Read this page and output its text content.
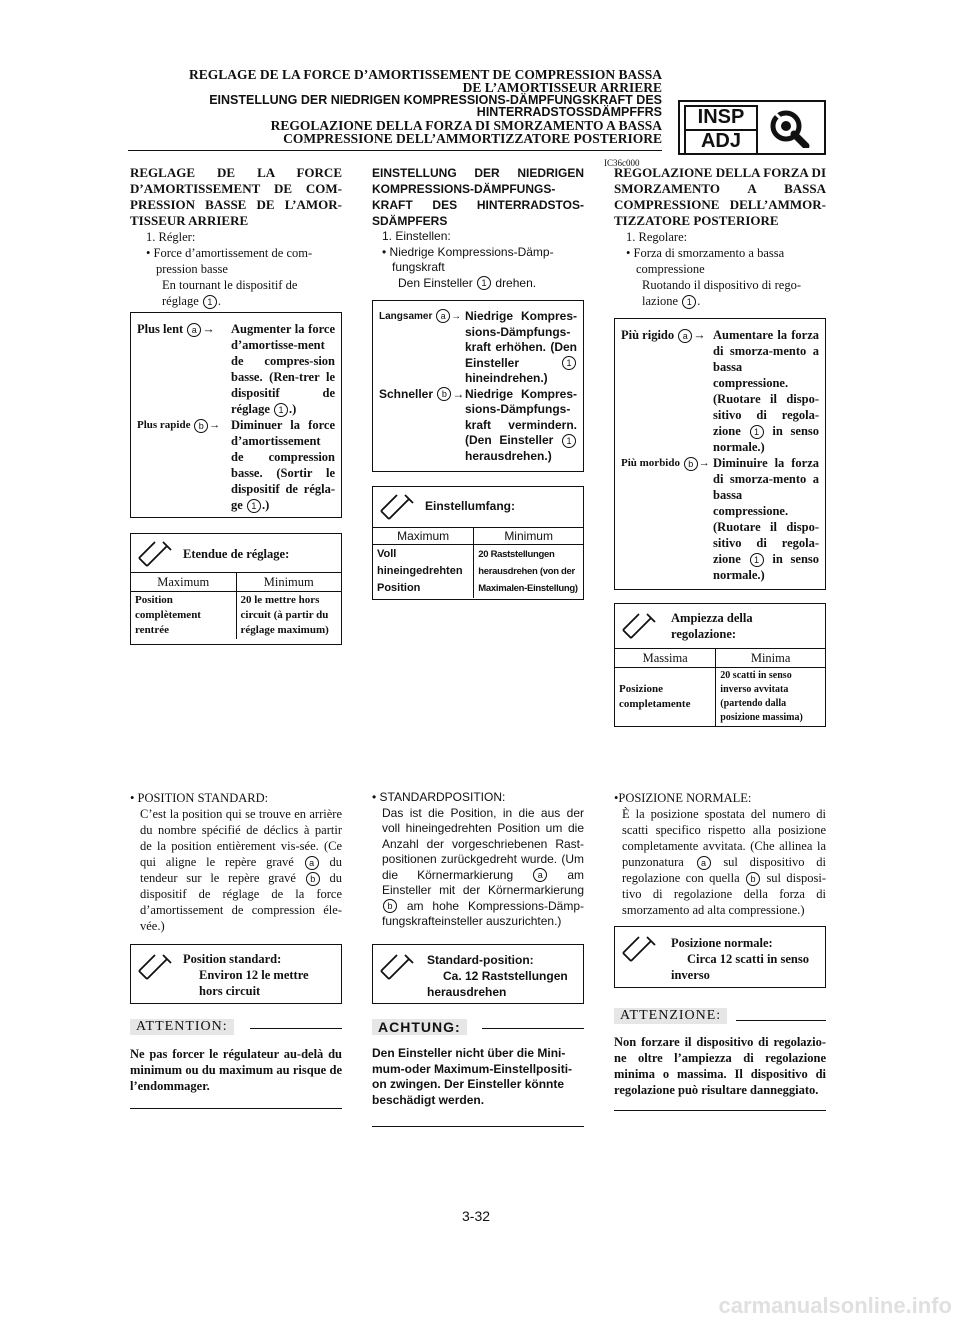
REGLAGE DE LA FORCE D’AMORTISSEMENT DE COMPRESSION BASSA
DE L’AMORTISSEUR ARRIERE
EINSTELLUNG DER NIEDRIGEN KOMPRESSIONS-DÄMPFUNGSKRAFT DES
HINTERRADSTOSSDÄMPFFRS
REGOLAZIONE DELLA FORZA DI SMORZAMENTO A BASSA
COMPRESSIONE DELL’AMMORTIZZATORE POSTERIORE
INSP
ADJ
IC36c000
REGLAGE DE LA FORCE D’AMORTISSEMENT DE COM-PRESSION BASSE DE L’AMOR-TISSEUR ARRIERE
1. Régler:
• Force d’amortissement de com-pression basse
En tournant le dispositif de
réglage 1 .
Plus lent a →	Augmenter la force d’amortisse-ment de compres-sion basse. (Ren-trer le dispositif de réglage 1 .)
Plus rapide b → Diminuer la force d’amortissement de compression basse. (Sortir le dispositif de régla-ge 1 .)
Etendue de réglage:
Maximum	Minimum
Position complètement rentrée	20 le mettre hors circuit (à partir du réglage maximum)
• POSITION STANDARD:
C’est la position qui se trouve en arrière du nombre spécifié de déclics à partir de la position entièrement vis-sée. (Ce qui aligne le repère gravé a du tendeur sur le repère gravé b du dispositif de réglage de la force d’amortissement de compression éle-vée.)
Position standard:
Environ 12 le mettre hors circuit
ATTENTION:
Ne pas forcer le régulateur au-delà du minimum ou du maximum au risque de l’endommager.
EINSTELLUNG DER NIEDRIGEN KOMPRESSIONS-DÄMPFUNGS-KRAFT DES HINTERRADSTOS-SDÄMPFERS
1. Einstellen:
• Niedrige Kompressions-Dämp-fungskraft
Den Einsteller 1 drehen.
Langsamer a → Niedrige Kompres-sions-Dämpfungs-kraft erhöhen. (Den Einsteller	1 hineindrehen.)
Schneller b → Niedrige Kompres-sions-Dämpfungs-kraft vermindern. (Den Einsteller 1 herausdrehen.)
Einstellumfang:
Maximum	Minimum
Voll hineingedrehten Position	20 Raststellungen herausdrehen (von der Maximalen-Einstellung)
• STANDARDPOSITION:
Das ist die Position, in die aus der voll hineingedrehten Position um die Anzahl der vorgeschriebenen Rast-positionen zurückgedreht wurde. (Um die Körnermarkierung	a am Einsteller mit der Körnermarkierung b am hohe Kompressions-Dämp-fungskrafteinsteller auszurichten.)
Standard-position:
Ca. 12 Raststellungen herausdrehen
ACHTUNG:
Den Einsteller nicht über die Mini-mum-oder Maximum-Einstellpositi-on zwingen. Der Einsteller könnte beschädigt werden.
REGOLAZIONE DELLA FORZA DI SMORZAMENTO A BASSA COMPRESSIONE DELL’AMMOR-TIZZATORE POSTERIORE
1. Regolare:
• Forza di smorzamento a bassa compressione
Ruotando il dispositivo di rego-
lazione 1 .
Più rigido a → Aumentare la forza di smorza-mento a bassa compressione. (Ruotare il dispo-sitivo di regola-zione 1 in senso normale.)
Più morbido b → Diminuire la forza di smorza-mento a bassa compressione. (Ruotare il dispo-sitivo di regola-zione 1 in senso normale.)
Ampiezza della regolazione:
Massima	Minima
Posizione completamente	20 scatti in senso inverso avvitata (partendo dalla posizione massima)
•POSIZIONE NORMALE:
È la posizione spostata del numero di scatti specifico rispetto alla posizione completamente avvitata. (Che allinea la punzonatura a sul dispositivo di regolazione con quella b sul disposi-tivo di regolazione della forza di smorzamento ad alta compressione.)
Posizione normale:
Circa 12 scatti in senso inverso
ATTENZIONE:
Non forzare il dispositivo di regolazio-ne oltre l’ampiezza di regolazione minima o massima. Il dispositivo di regolazione può risultare danneggiato.
3-32
carmanualsonline.info
